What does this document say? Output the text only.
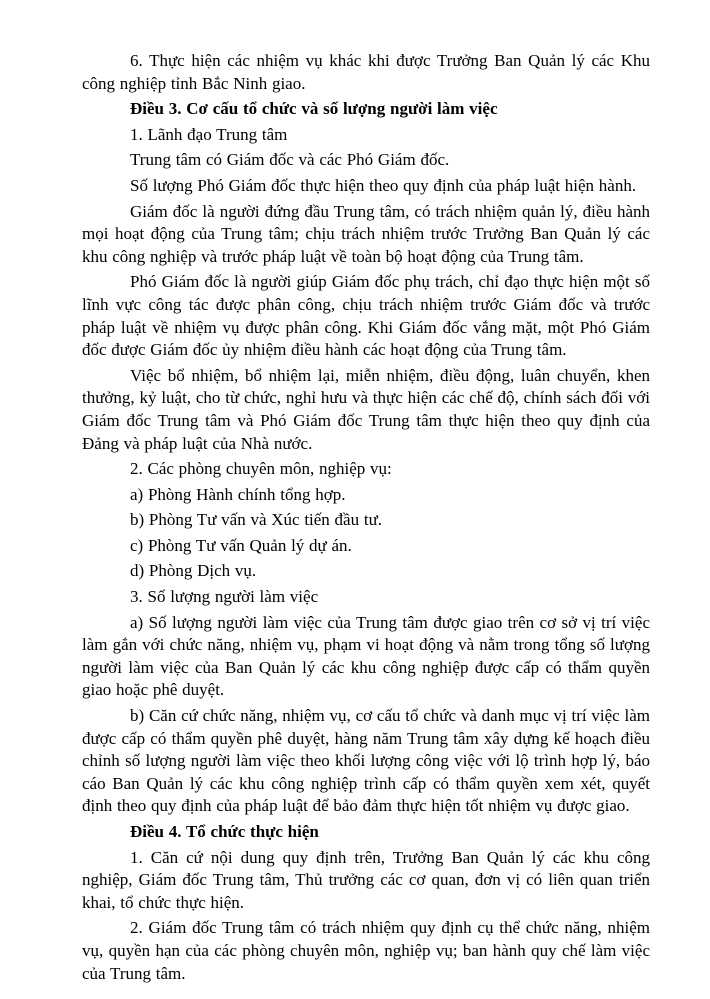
6. Thực hiện các nhiệm vụ khác khi được Trưởng Ban Quản lý các Khu công nghiệp tỉnh Bắc Ninh giao.

Điều 3. Cơ cấu tổ chức và số lượng người làm việc

1. Lãnh đạo Trung tâm

Trung tâm có Giám đốc và các Phó Giám đốc.

Số lượng Phó Giám đốc thực hiện theo quy định của pháp luật hiện hành.

Giám đốc là người đứng đầu Trung tâm, có trách nhiệm quản lý, điều hành mọi hoạt động của Trung tâm; chịu trách nhiệm trước Trưởng Ban Quản lý các khu công nghiệp và trước pháp luật về toàn bộ hoạt động của Trung tâm.

Phó Giám đốc là người giúp Giám đốc phụ trách, chỉ đạo thực hiện một số lĩnh vực công tác được phân công, chịu trách nhiệm trước Giám đốc và trước pháp luật về nhiệm vụ được phân công. Khi Giám đốc vắng mặt, một Phó Giám đốc được Giám đốc ủy nhiệm điều hành các hoạt động của Trung tâm.

Việc bổ nhiệm, bổ nhiệm lại, miễn nhiệm, điều động, luân chuyển, khen thưởng, kỷ luật, cho từ chức, nghỉ hưu và thực hiện các chế độ, chính sách đối với Giám đốc Trung tâm và Phó Giám đốc Trung tâm thực hiện theo quy định của Đảng và pháp luật của Nhà nước.

2. Các phòng chuyên môn, nghiệp vụ:

a) Phòng Hành chính tổng hợp.

b) Phòng Tư vấn và Xúc tiến đầu tư.

c) Phòng Tư vấn Quản lý dự án.

d) Phòng Dịch vụ.

3. Số lượng người làm việc

a) Số lượng người làm việc của Trung tâm được giao trên cơ sở vị trí việc làm gắn với chức năng, nhiệm vụ, phạm vi hoạt động và nằm trong tổng số lượng người làm việc của Ban Quản lý các khu công nghiệp được cấp có thẩm quyền giao hoặc phê duyệt.

b) Căn cứ chức năng, nhiệm vụ, cơ cấu tổ chức và danh mục vị trí việc làm được cấp có thẩm quyền phê duyệt, hàng năm Trung tâm xây dựng kế hoạch điều chỉnh số lượng người làm việc theo khối lượng công việc với lộ trình hợp lý, báo cáo Ban Quản lý các khu công nghiệp trình cấp có thẩm quyền xem xét, quyết định theo quy định của pháp luật để bảo đảm thực hiện tốt nhiệm vụ được giao.

Điều 4. Tổ chức thực hiện

1. Căn cứ nội dung quy định trên, Trưởng Ban Quản lý các khu công nghiệp, Giám đốc Trung tâm, Thủ trưởng các cơ quan, đơn vị có liên quan triển khai, tổ chức thực hiện.

2. Giám đốc Trung tâm có trách nhiệm quy định cụ thể chức năng, nhiệm vụ, quyền hạn của các phòng chuyên môn, nghiệp vụ; ban hành quy chế làm việc của Trung tâm.
